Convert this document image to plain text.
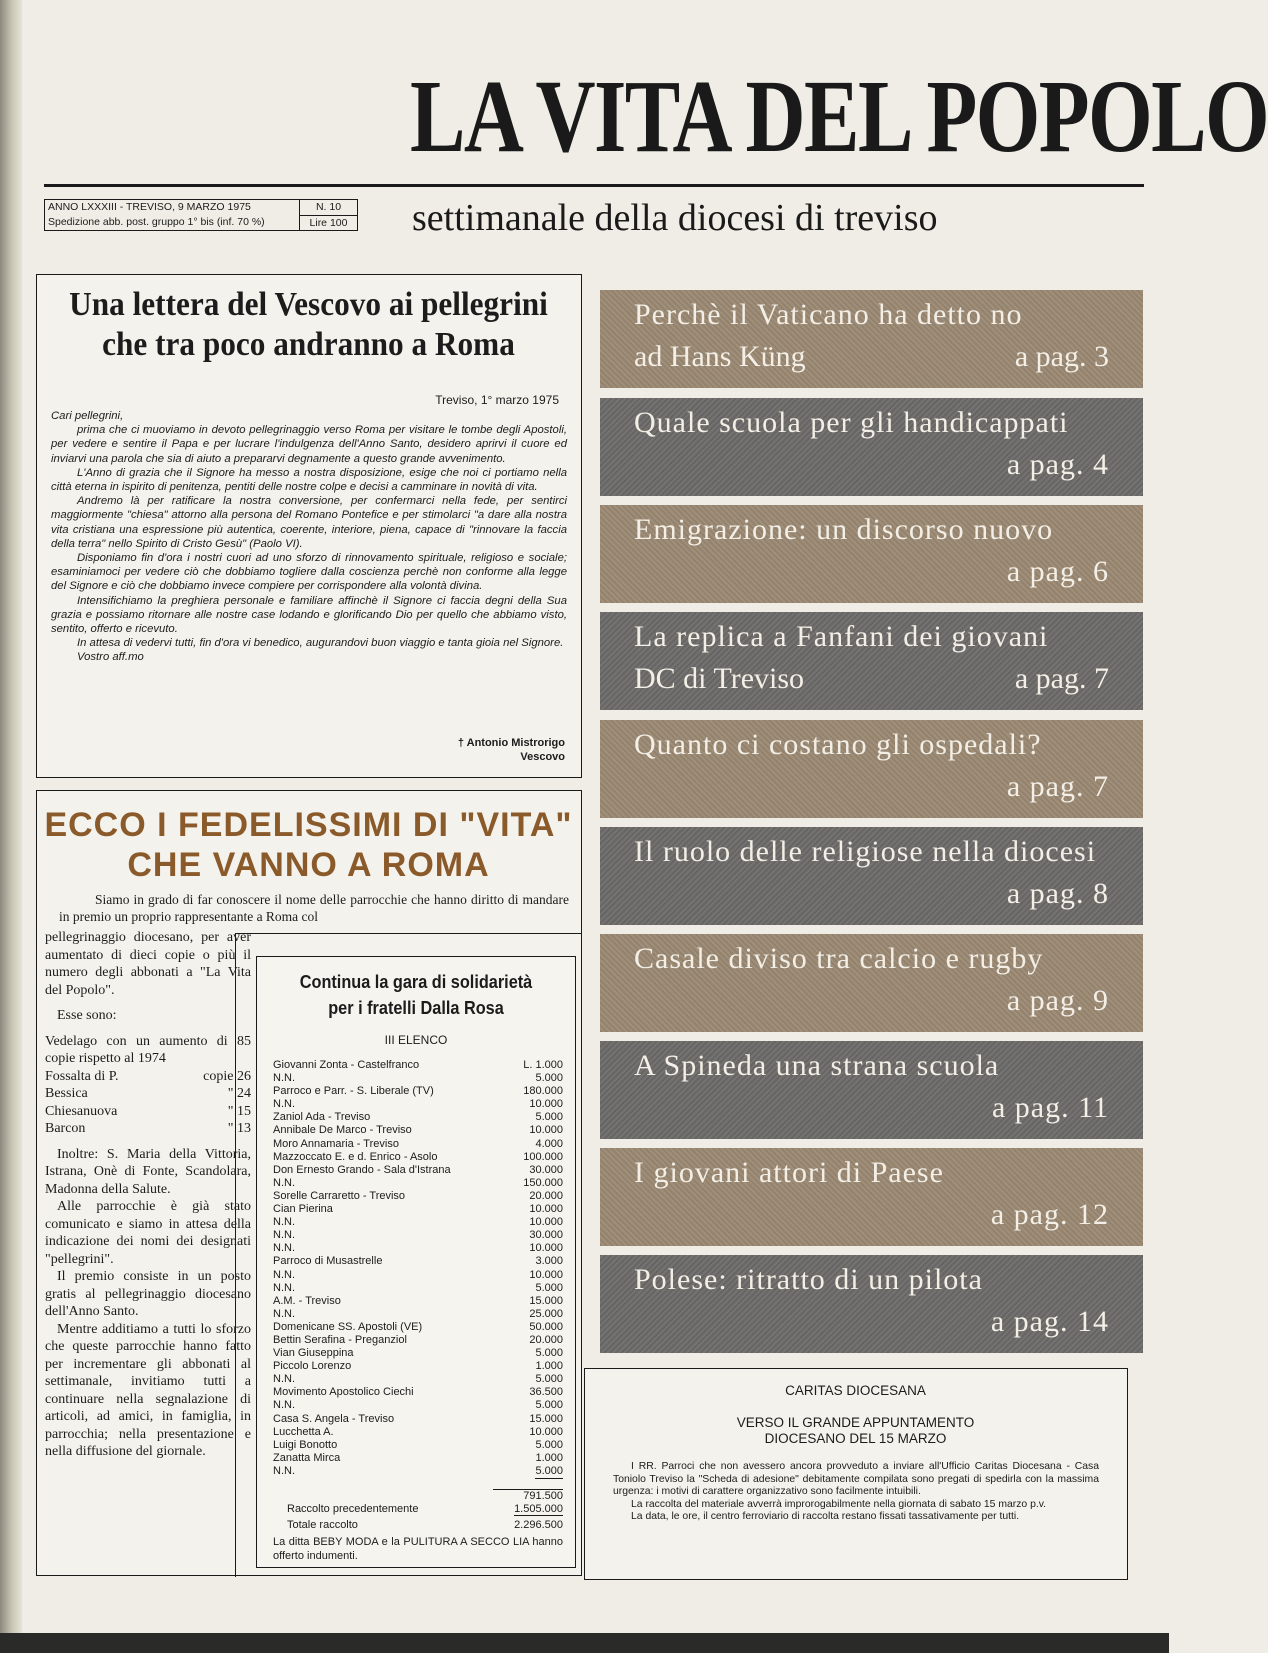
LA VITA DEL POPOLO
ANNO LXXXIII - TREVISO, 9 MARZO 1975
Spedizione abb. post. gruppo 1° bis (inf. 70 %)
N. 10
Lire 100 settimanale della diocesi di treviso
Una lettera del Vescovo ai pellegrini
che tra poco andranno a Roma
Treviso, 1° marzo 1975

Cari pellegrini,

prima che ci muoviamo in devoto pellegrinaggio verso Roma per visitare le tombe degli Apostoli, per vedere e sentire il Papa e per lucrare l'indulgenza dell'Anno Santo, desidero aprirvi il cuore ed inviarvi una parola che sia di aiuto a prepararvi degnamente a questo grande avvenimento.

L'Anno di grazia che il Signore ha messo a nostra disposizione, esige che noi ci portiamo nella città eterna in ispirito di penitenza, pentiti delle nostre colpe e decisi a camminare in novità di vita.

Andremo là per ratificare la nostra conversione, per confermarci nella fede, per sentirci maggiormente "chiesa" attorno alla persona del Romano Pontefice e per stimolarci "a dare alla nostra vita cristiana una espressione più autentica, coerente, interiore, piena, capace di "rinnovare la faccia della terra" nello Spirito di Cristo Gesù" (Paolo VI).

Disponiamo fin d'ora i nostri cuori ad uno sforzo di rinnovamento spirituale, religioso e sociale; esaminiamoci per vedere ciò che dobbiamo togliere dalla coscienza perchè non conforme alla legge del Signore e ciò che dobbiamo invece compiere per corrispondere alla volontà divina.

Intensifichiamo la preghiera personale e familiare affinchè il Signore ci faccia degni della Sua grazia e possiamo ritornare alle nostre case lodando e glorificando Dio per quello che abbiamo visto, sentito, offerto e ricevuto.

In attesa di vedervi tutti, fin d'ora vi benedico, augurandovi buon viaggio e tanta gioia nel Signore.

Vostro aff.mo

† Antonio Mistrorigo
Vescovo
ECCO I FEDELISSIMI DI "VITA"
CHE VANNO A ROMA
Siamo in grado di far conoscere il nome delle parrocchie che hanno diritto di mandare in premio un proprio rappresentante a Roma col

pellegrinaggio diocesano, per aver aumentato di dieci copie o più il numero degli abbonati a "La Vita del Popolo".

Esse sono:

Vedelago con un aumento di 85 copie rispetto al 1974

Fossalta di P.	copie 26
Bessica	" 24
Chiesanuova	" 15
Barcon	" 13

Inoltre: S. Maria della Vittoria, Istrana, Onè di Fonte, Scandolara, Madonna della Salute.

Alle parrocchie è già stato comunicato e siamo in attesa della indicazione dei nomi dei designati "pellegrini".

Il premio consiste in un posto gratis al pellegrinaggio diocesano dell'Anno Santo.

Mentre additiamo a tutti lo sforzo che queste parrocchie hanno fatto per incrementare gli abbonati al settimanale, invitiamo tutti a continuare nella segnalazione di articoli, ad amici, in famiglia, in parrocchia; nella presentazione e nella diffusione del giornale.

Continua la gara di solidarietà
per i fratelli Dalla Rosa
III ELENCO
Giovanni Zonta - Castelfranco	L. 1.000
N.N.	5.000
Parroco e Parr. - S. Liberale (TV)	180.000
N.N.	10.000
Zaniol Ada - Treviso	5.000
Annibale De Marco - Treviso	10.000
Moro Annamaria - Treviso	4.000
Mazzoccato E. e d. Enrico - Asolo	100.000
Don Ernesto Grando - Sala d'Istrana	30.000
N.N.	150.000
Sorelle Carraretto - Treviso	20.000
Cian Pierina	10.000
N.N.	10.000
N.N.	30.000
N.N.	10.000
Parroco di Musastrelle	3.000
N.N.	10.000
N.N.	5.000
A.M. - Treviso	15.000
N.N.	25.000
Domenicane SS. Apostoli (VE)	50.000
Bettin Serafina - Preganziol	20.000
Vian Giuseppina	5.000
Piccolo Lorenzo	1.000
N.N.	5.000
Movimento Apostolico Ciechi	36.500
N.N.	5.000
Casa S. Angela - Treviso	15.000
Lucchetta A.	10.000
Luigi Bonotto	5.000
Zanatta Mirca	1.000
N.N.	5.000
791.500
Raccolto precedentemente	1.505.000
Totale raccolto	2.296.500
La ditta BEBY MODA e la PULITURA A SECCO LIA hanno offerto indumenti.
Perchè il Vaticano ha detto no
ad Hans Küng	a pag. 3
Quale scuola per gli handicappati
a pag. 4
Emigrazione: un discorso nuovo
a pag. 6
La replica a Fanfani dei giovani
DC di Treviso	a pag. 7
Quanto ci costano gli ospedali?
a pag. 7
Il ruolo delle religiose nella diocesi
a pag. 8
Casale diviso tra calcio e rugby
a pag. 9
A Spineda una strana scuola
a pag. 11
I giovani attori di Paese
a pag. 12
Polese: ritratto di un pilota
a pag. 14
CARITAS DIOCESANA
VERSO IL GRANDE APPUNTAMENTO
DIOCESANO DEL 15 MARZO

I RR. Parroci che non avessero ancora provveduto a inviare all'Ufficio Caritas Diocesana - Casa Toniolo Treviso la "Scheda di adesione" debitamente compilata sono pregati di spedirla con la massima urgenza: i motivi di carattere organizzativo sono facilmente intuibili.

La raccolta del materiale avverrà improrogabilmente nella giornata di sabato 15 marzo p.v.

La data, le ore, il centro ferroviario di raccolta restano fissati tassativamente per tutti.
